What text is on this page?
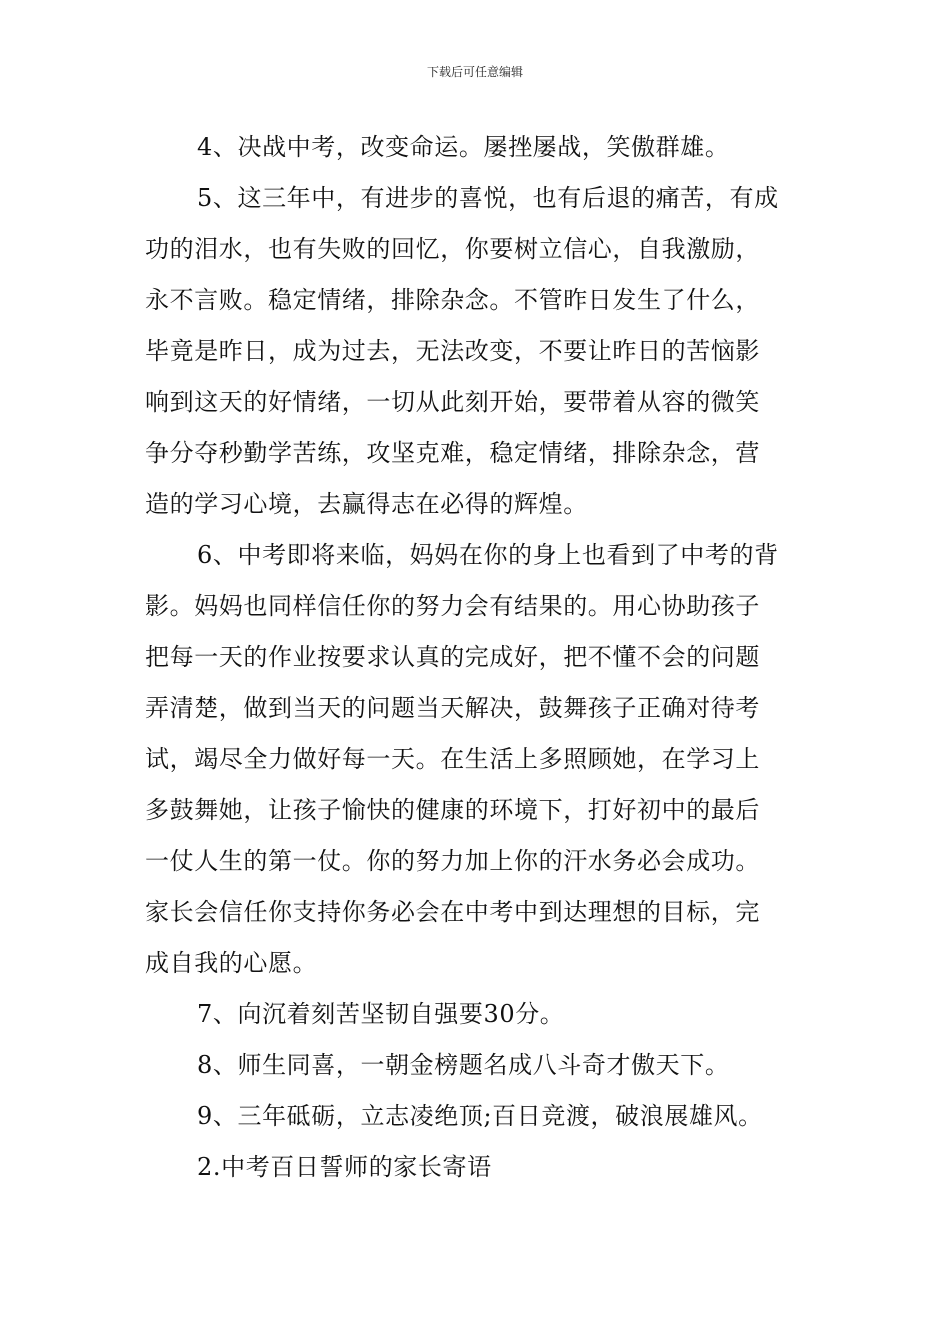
下载后可任意编辑
4、决战中考，改变命运。屡挫屡战，笑傲群雄。
5、这三年中，有进步的喜悦，也有后退的痛苦，有成
功的泪水，也有失败的回忆，你要树立信心，自我激励，
永不言败。稳定情绪，排除杂念。不管昨日发生了什么，
毕竟是昨日，成为过去，无法改变，不要让昨日的苦恼影
响到这天的好情绪，一切从此刻开始，要带着从容的微笑
争分夺秒勤学苦练，攻坚克难，稳定情绪，排除杂念，营
造的学习心境，去赢得志在必得的辉煌。
6、中考即将来临，妈妈在你的身上也看到了中考的背
影。妈妈也同样信任你的努力会有结果的。用心协助孩子
把每一天的作业按要求认真的完成好，把不懂不会的问题
弄清楚，做到当天的问题当天解决，鼓舞孩子正确对待考
试，竭尽全力做好每一天。在生活上多照顾她，在学习上
多鼓舞她，让孩子愉快的健康的环境下，打好初中的最后
一仗人生的第一仗。你的努力加上你的汗水务必会成功。
家长会信任你支持你务必会在中考中到达理想的目标，完
成自我的心愿。
7、向沉着刻苦坚韧自强要30分。
8、师生同喜，一朝金榜题名成八斗奇才傲天下。
9、三年砥砺，立志凌绝顶;百日竞渡，破浪展雄风。
2.中考百日誓师的家长寄语
